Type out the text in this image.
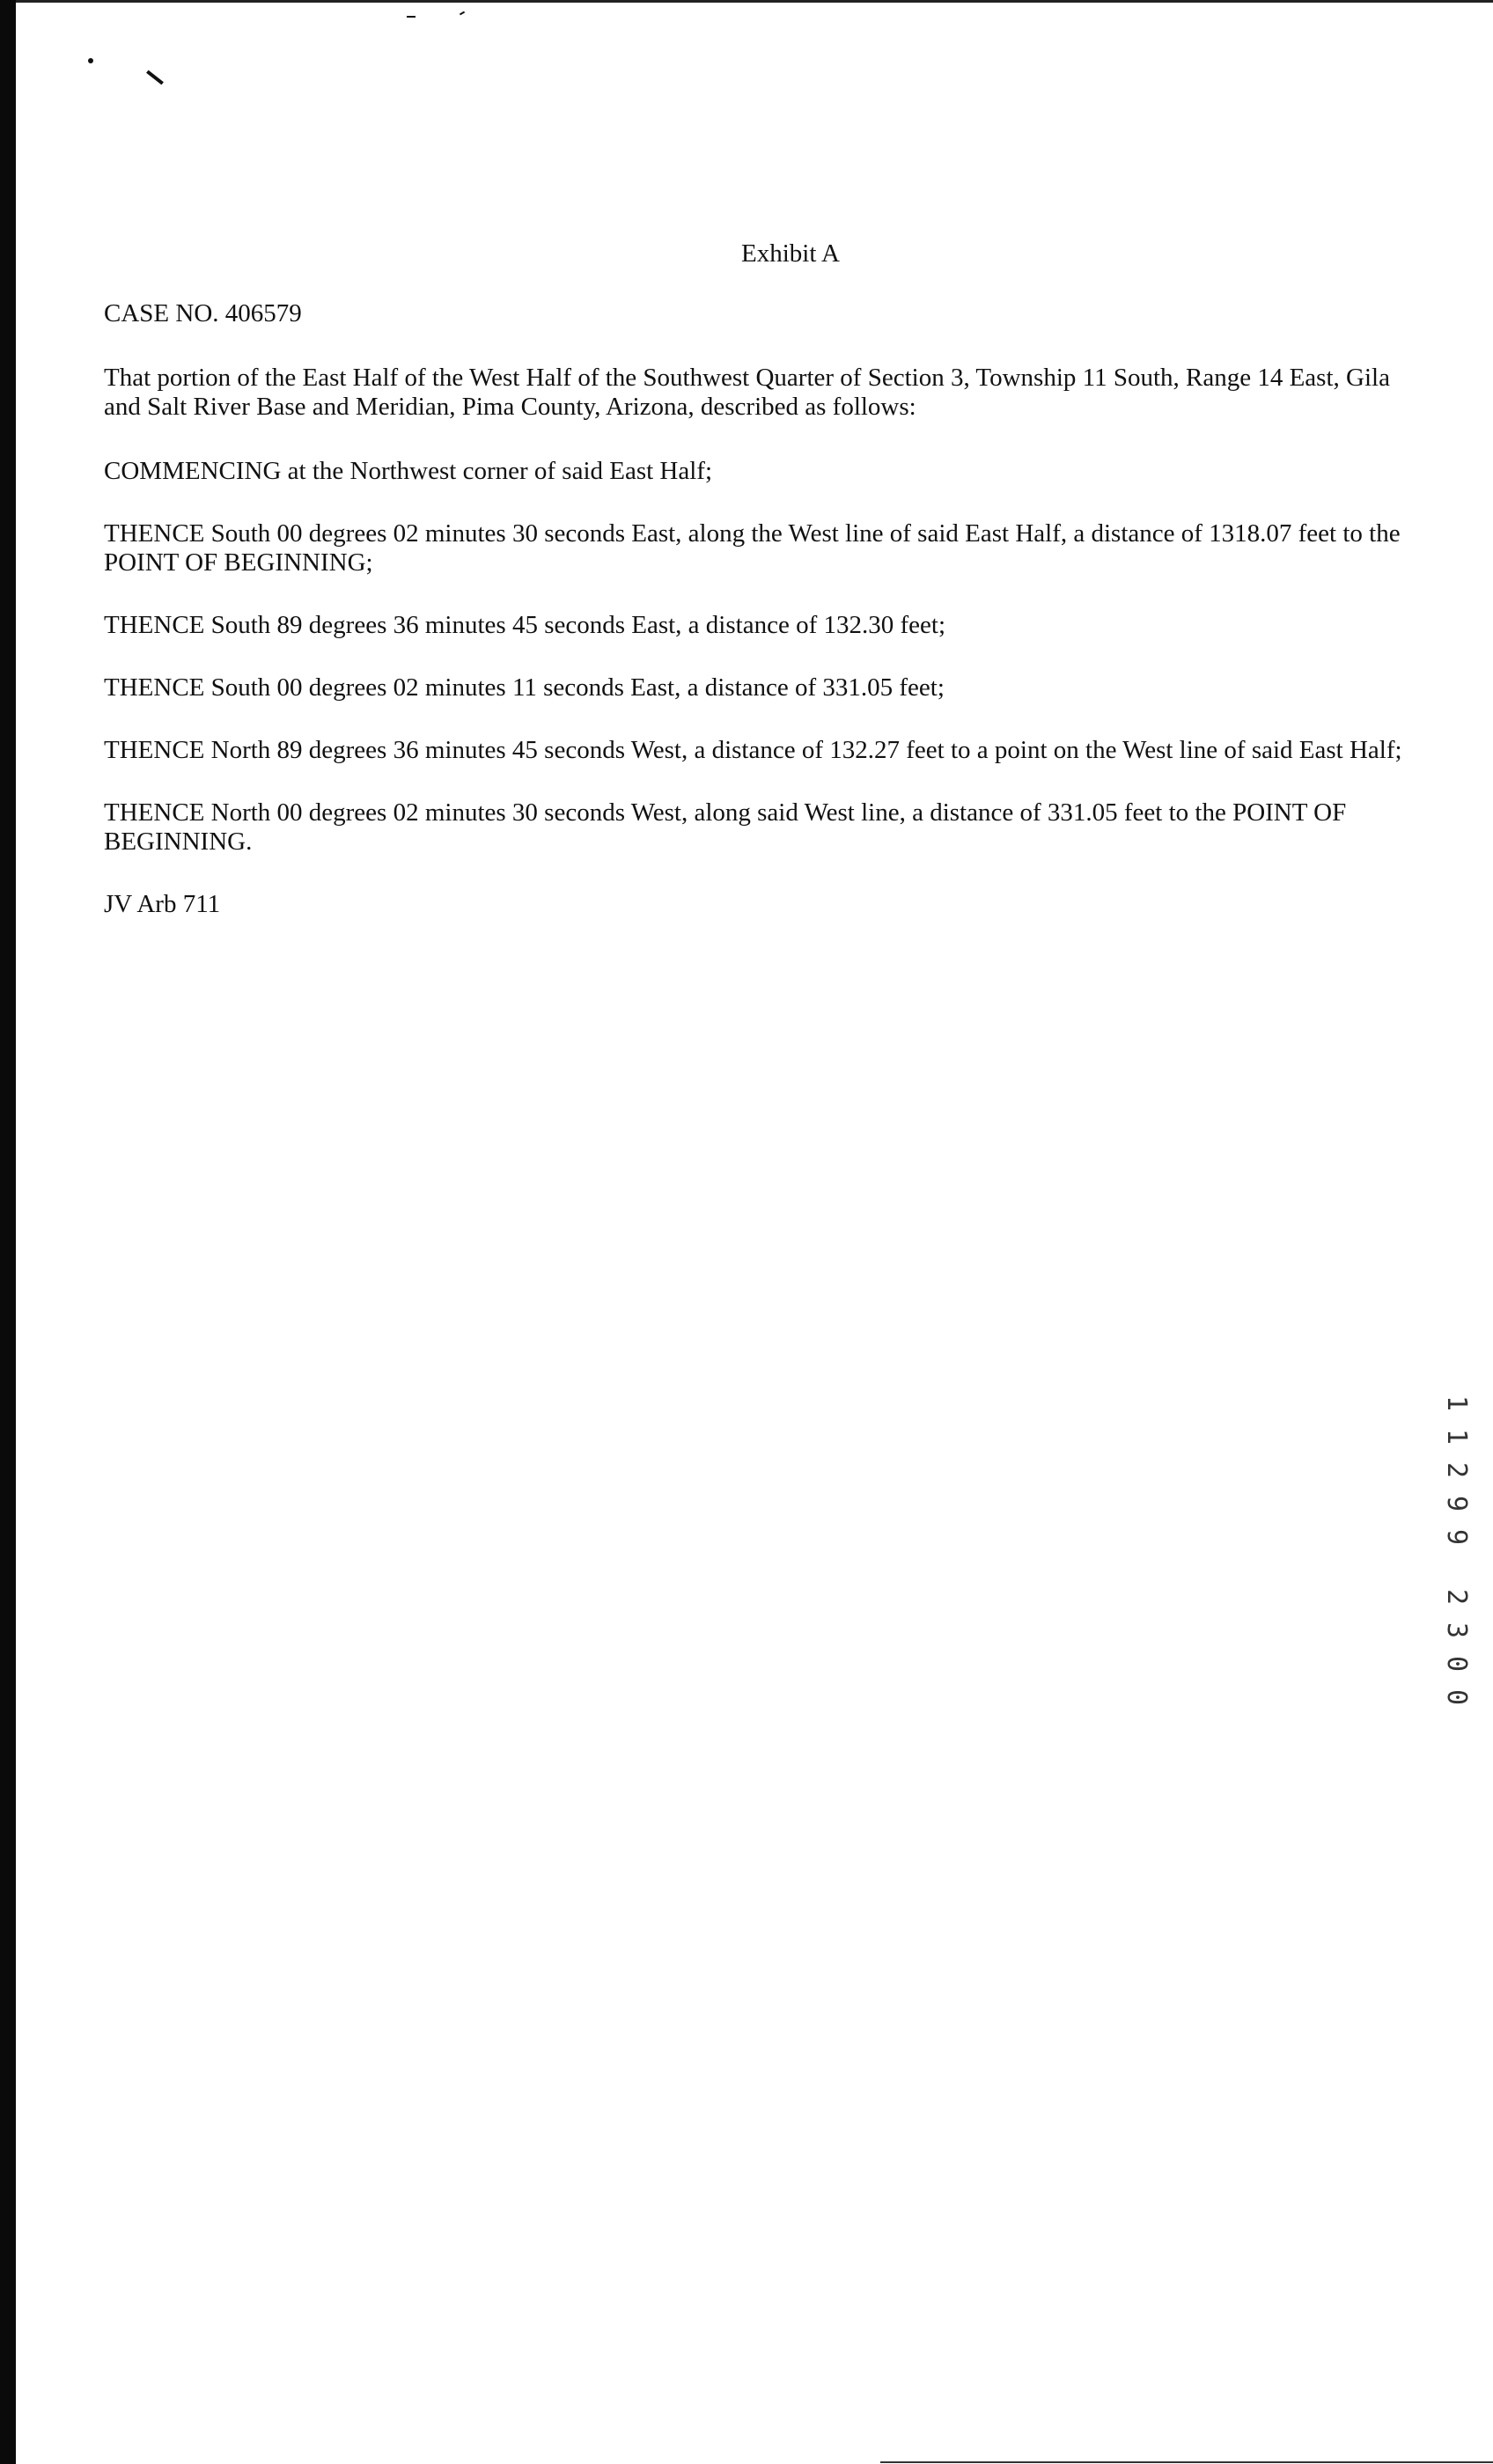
Exhibit A

CASE NO. 406579

That portion of the East Half of the West Half of the Southwest Quarter of Section 3, Township 11 South, Range 14 East, Gila and Salt River Base and Meridian, Pima County, Arizona, described as follows:

COMMENCING at the Northwest corner of said East Half;

THENCE South 00 degrees 02 minutes 30 seconds East, along the West line of said East Half, a distance of 1318.07 feet to the POINT OF BEGINNING;

THENCE South 89 degrees 36 minutes 45 seconds East, a distance of 132.30 feet;

THENCE South 00 degrees 02 minutes 11 seconds East, a distance of 331.05 feet;

THENCE North 89 degrees 36 minutes 45 seconds West, a distance of 132.27 feet to a point on the West line of said East Half;

THENCE North 00 degrees 02 minutes 30 seconds West, along said West line, a distance of 331.05 feet to the POINT OF BEGINNING.

JV Arb 711

1
1
2
9
9
2
3
0
0
